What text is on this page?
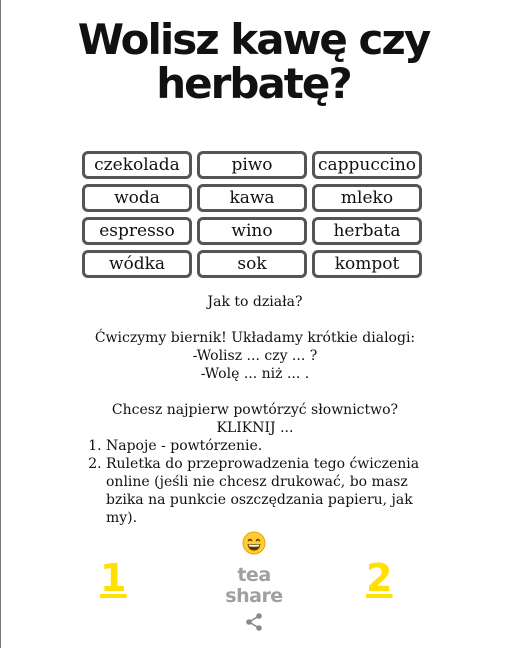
Wolisz kawę czy
herbatę?
czekolada	piwo	cappuccino
woda	kawa	mleko
espresso	wino	herbata
wódka	sok	kompot

Jak to działa?

Ćwiczymy biernik! Układamy krótkie dialogi:

-Wolisz ... czy ... ?

-Wolę ... niż ... .

Chcesz najpierw powtórzyć słownictwo?

KLIKNIJ ...

1. Napoje - powtórzenie.
2. Ruletka do przeprowadzenia tego ćwiczenia online (jeśli nie chcesz drukować, bo masz bzika na punkcie oszczędzania papieru, jak my).
1	2
tea
share
